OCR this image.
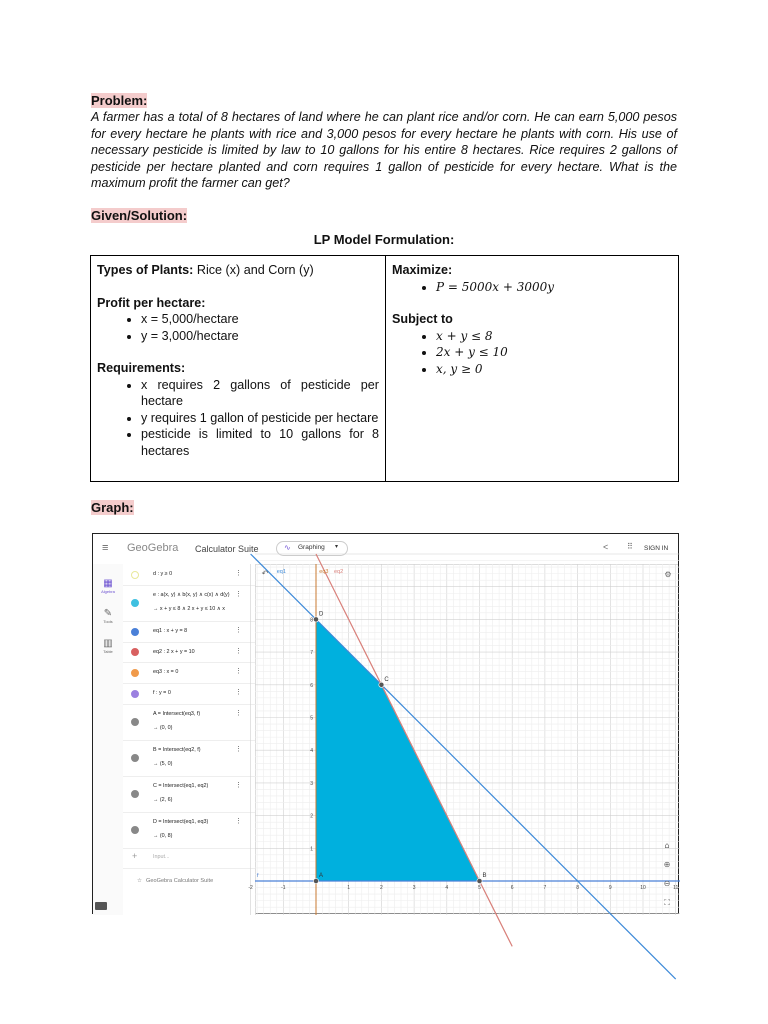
Problem:
A farmer has a total of 8 hectares of land where he can plant rice and/or corn. He can earn 5,000 pesos for every hectare he plants with rice and 3,000 pesos for every hectare he plants with corn. His use of necessary pesticide is limited by law to 10 gallons for his entire 8 hectares. Rice requires 2 gallons of pesticide per hectare planted and corn requires 1 gallon of pesticide for every hectare. What is the maximum profit the farmer can get?
Given/Solution:
LP Model Formulation:
Types of Plants: Rice (x) and Corn (y)
Profit per hectare:
• x = 5,000/hectare
• y = 3,000/hectare
Requirements:
• x requires 2 gallons of pesticide per hectare
• y requires 1 gallon of pesticide per hectare
• pesticide is limited to 10 gallons for 8 hectares
Maximize:
• P = 5000x + 3000y
Subject to
• x + y ≤ 8
• 2x + y ≤ 10
• x, y ≥ 0
Graph:
≡ GeoGebra Calculator Suite	∿ Graphing ▾	< ⠿ SIGN IN
▦
Algebra
✎
Tools
▥
Table
d : y ≥ 0	⋮
e : a(x, y) ∧ b(x, y) ∧ c(x) ∧ d(y)
→ x + y ≤ 8 ∧ 2 x + y ≤ 10 ∧ x
⋮
eq1 : x + y = 8	⋮
eq2 : 2 x + y = 10	⋮
eq3 : x = 0	⋮
f : y = 0	⋮
A = Intersect(eq3, f)
→ (0, 0)
⋮
B = Intersect(eq2, f)
→ (5, 0)
⋮
C = Intersect(eq1, eq2)
→ (2, 6)
⋮
D = Intersect(eq1, eq3)
→ (0, 8)
⋮
+	Input...
☆ GeoGebra Calculator Suite
-2	-1	1	2	3	4	5	6	7	8	9	10	11
1
2
3
4
5
6
7
8
A	B
C
D
eq1	eq3 eq2
f
↶	⚙
⌂
⊕
⊖
⛶
